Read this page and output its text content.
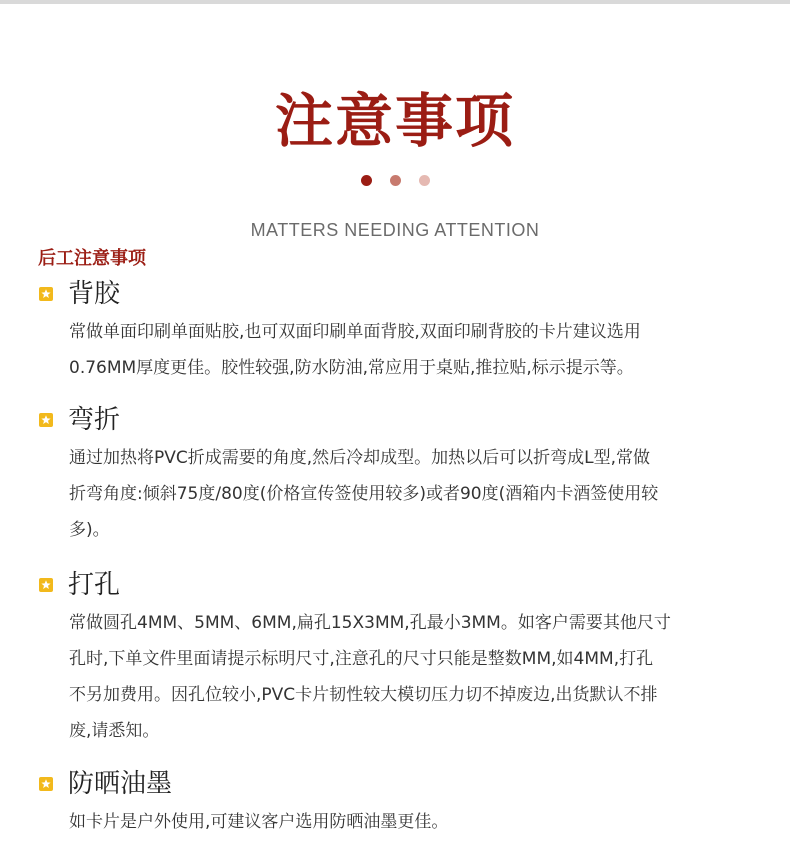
注意事项
MATTERS NEEDING ATTENTION
后工注意事项
背胶
常做单面印刷单面贴胶,也可双面印刷单面背胶,双面印刷背胶的卡片建议选用
0.76MM厚度更佳。胶性较强,防水防油,常应用于桌贴,推拉贴,标示提示等。
弯折
通过加热将PVC折成需要的角度,然后冷却成型。加热以后可以折弯成L型,常做
折弯角度:倾斜75度/80度(价格宣传签使用较多)或者90度(酒箱内卡酒签使用较
多)。
打孔
常做圆孔4MM、5MM、6MM,扁孔15X3MM,孔最小3MM。如客户需要其他尺寸
孔时,下单文件里面请提示标明尺寸,注意孔的尺寸只能是整数MM,如4MM,打孔
不另加费用。因孔位较小,PVC卡片韧性较大模切压力切不掉废边,出货默认不排
废,请悉知。
防晒油墨
如卡片是户外使用,可建议客户选用防晒油墨更佳。
